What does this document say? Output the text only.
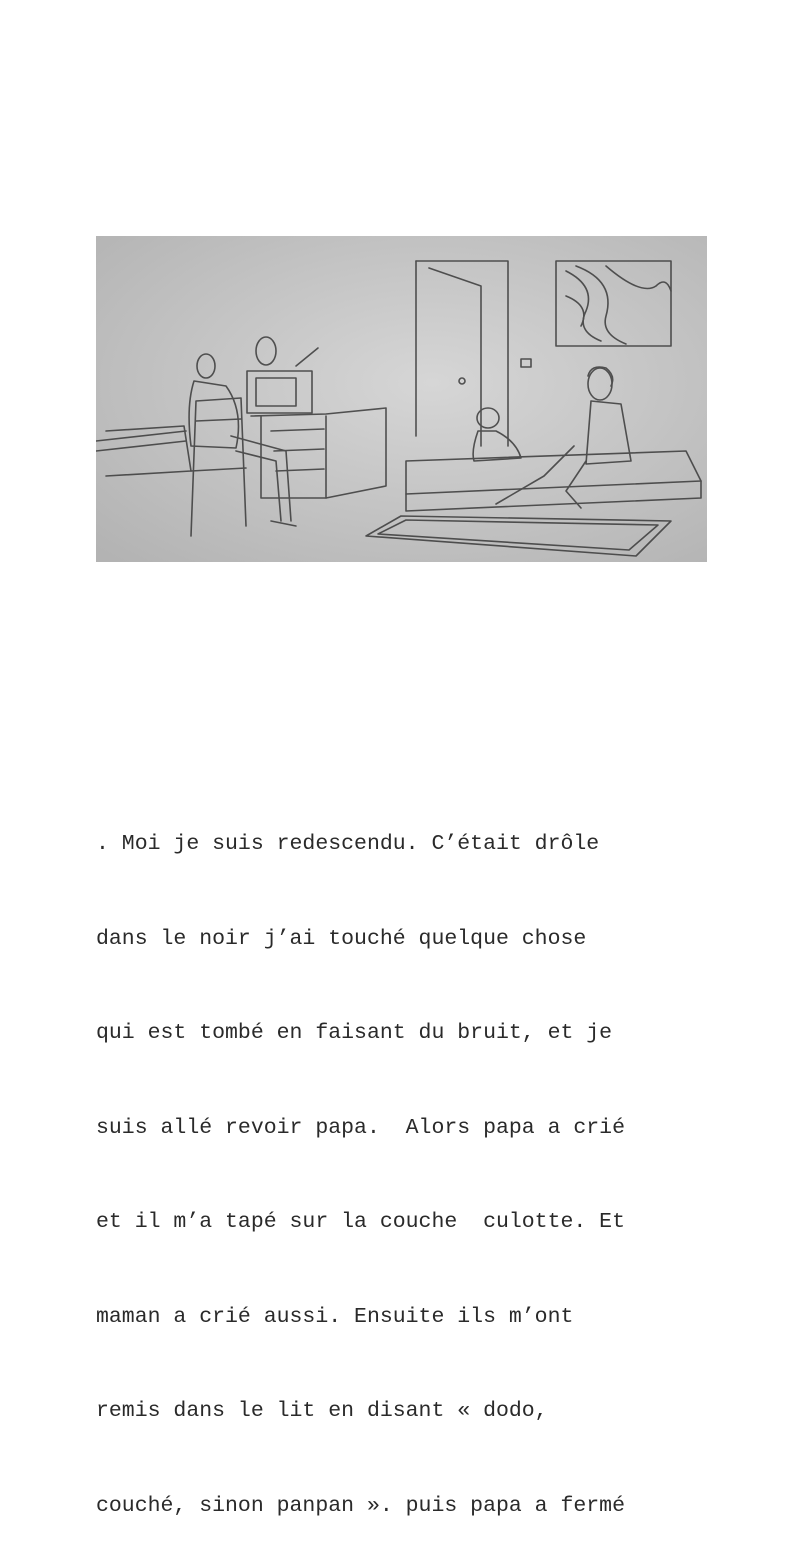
. Moi je suis redescendu. C’était drôle

dans le noir j’ai touché quelque chose

qui est tombé en faisant du bruit, et je

suis allé revoir papa.  Alors papa a crié

et il m’a tapé sur la couche  culotte. Et

maman a crié aussi. Ensuite ils m’ont

remis dans le lit en disant « dodo,

couché, sinon panpan ». puis papa a fermé
